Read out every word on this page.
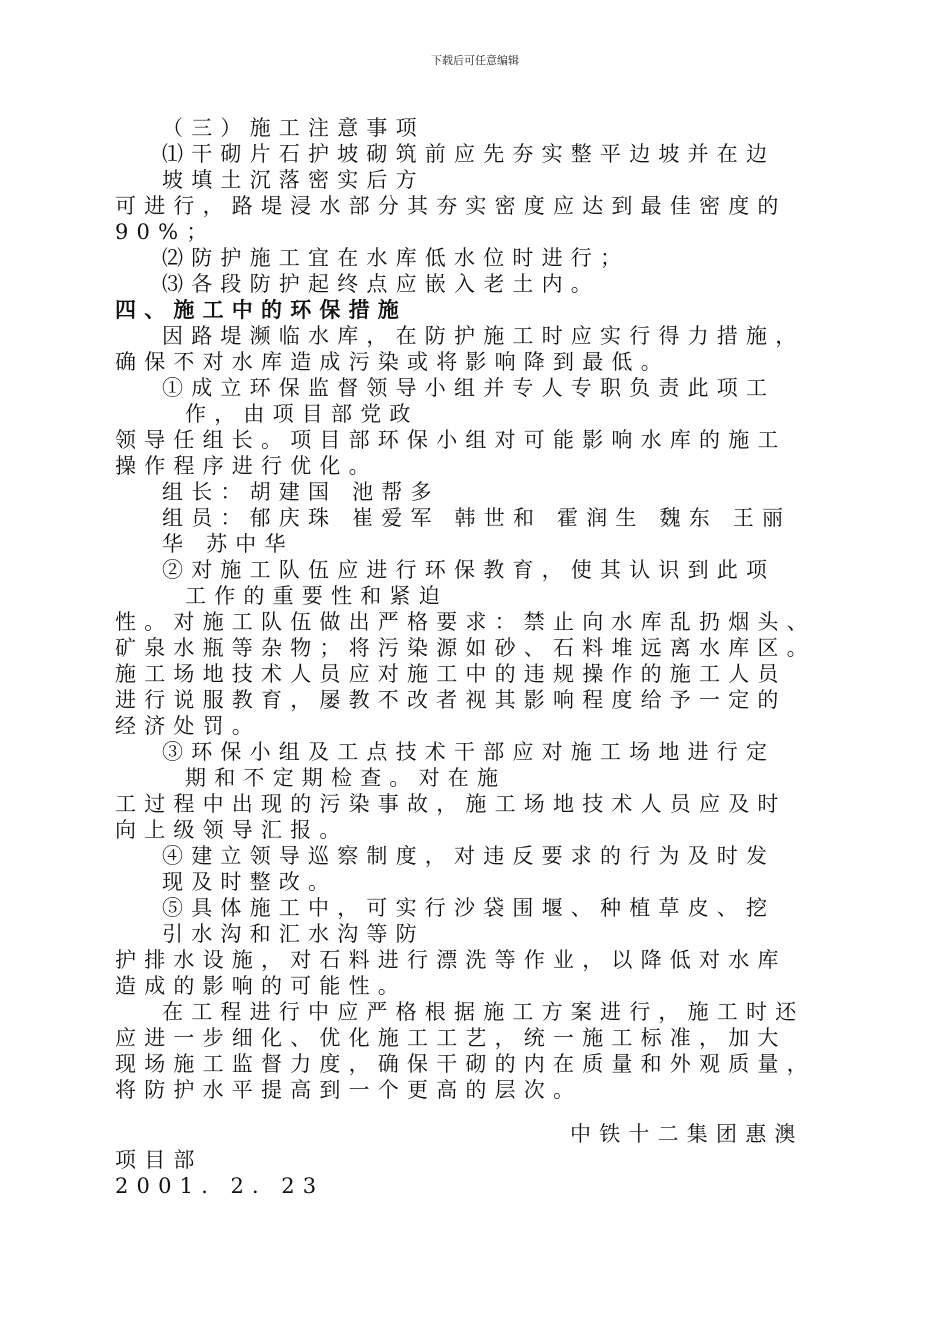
下载后可任意编辑
（三）施工注意事项
⑴干砌片石护坡砌筑前应先夯实整平边坡并在边
坡填土沉落密实后方
可进行，路堤浸水部分其夯实密度应达到最佳密度的
90%；
⑵防护施工宜在水库低水位时进行；
⑶各段防护起终点应嵌入老土内。
四、施工中的环保措施
因路堤濒临水库，在防护施工时应实行得力措施，
确保不对水库造成污染或将影响降到最低。
①成立环保监督领导小组并专人专职负责此项工
作，由项目部党政
领导任组长。项目部环保小组对可能影响水库的施工
操作程序进行优化。
组长：胡建国 池帮多
组员：郁庆珠 崔爱军 韩世和 霍润生 魏东 王丽
华 苏中华
②对施工队伍应进行环保教育，使其认识到此项
工作的重要性和紧迫
性。对施工队伍做出严格要求：禁止向水库乱扔烟头、
矿泉水瓶等杂物；将污染源如砂、石料堆远离水库区。
施工场地技术人员应对施工中的违规操作的施工人员
进行说服教育，屡教不改者视其影响程度给予一定的
经济处罚。
③环保小组及工点技术干部应对施工场地进行定
期和不定期检查。对在施
工过程中出现的污染事故，施工场地技术人员应及时
向上级领导汇报。
④建立领导巡察制度，对违反要求的行为及时发
现及时整改。
⑤具体施工中，可实行沙袋围堰、种植草皮、挖
引水沟和汇水沟等防
护排水设施，对石料进行漂洗等作业，以降低对水库
造成的影响的可能性。
在工程进行中应严格根据施工方案进行，施工时还
应进一步细化、优化施工工艺，统一施工标准，加大
现场施工监督力度，确保干砌的内在质量和外观质量，
将防护水平提高到一个更高的层次。
中铁十二集团惠澳
项目部
2001．2．23
